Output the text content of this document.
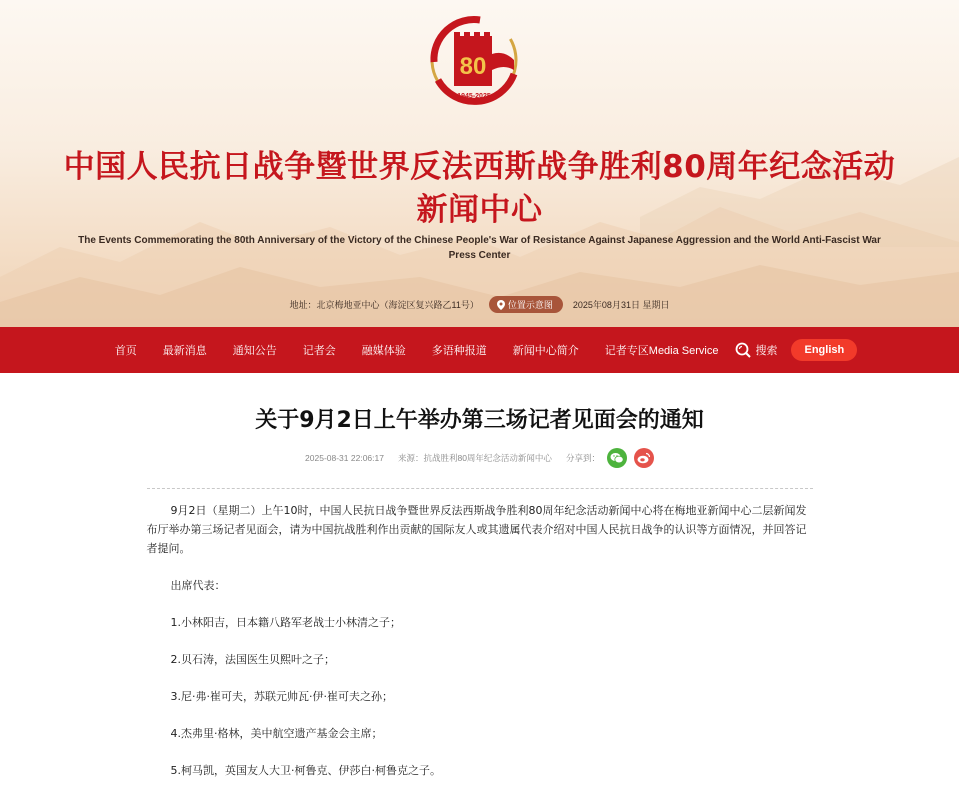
80
1945-2025
中国人民抗日战争暨世界反法西斯战争胜利80周年纪念活动
新闻中心
The Events Commemorating the 80th Anniversary of the Victory of the Chinese People's War of Resistance Against Japanese Aggression and the World Anti-Fascist War
Press Center
地址：北京梅地亚中心（海淀区复兴路乙11号）	位置示意图 2025年08月31日 星期日
首页	最新消息	通知公告	记者会	融媒体验	多语种报道	新闻中心简介	记者专区Media Service	搜索	English
关于9月2日上午举办第三场记者见面会的通知
2025-08-31 22:06:17 来源：抗战胜利80周年纪念活动新闻中心 分享到：

9月2日（星期二）上午10时，中国人民抗日战争暨世界反法西斯战争胜利80周年纪念活动新闻中心将在梅地亚新闻中心二层新闻发布厅举办第三场记者见面会，请为中国抗战胜利作出贡献的国际友人或其遗属代表介绍对中国人民抗日战争的认识等方面情况，并回答记者提问。

出席代表：

1.小林阳吉，日本籍八路军老战士小林清之子；

2.贝石涛，法国医生贝熙叶之子；

3.尼·弗·崔可夫，苏联元帅瓦·伊·崔可夫之孙；

4.杰弗里·格林，美中航空遗产基金会主席；

5.柯马凯，英国友人大卫·柯鲁克、伊莎白·柯鲁克之子。
